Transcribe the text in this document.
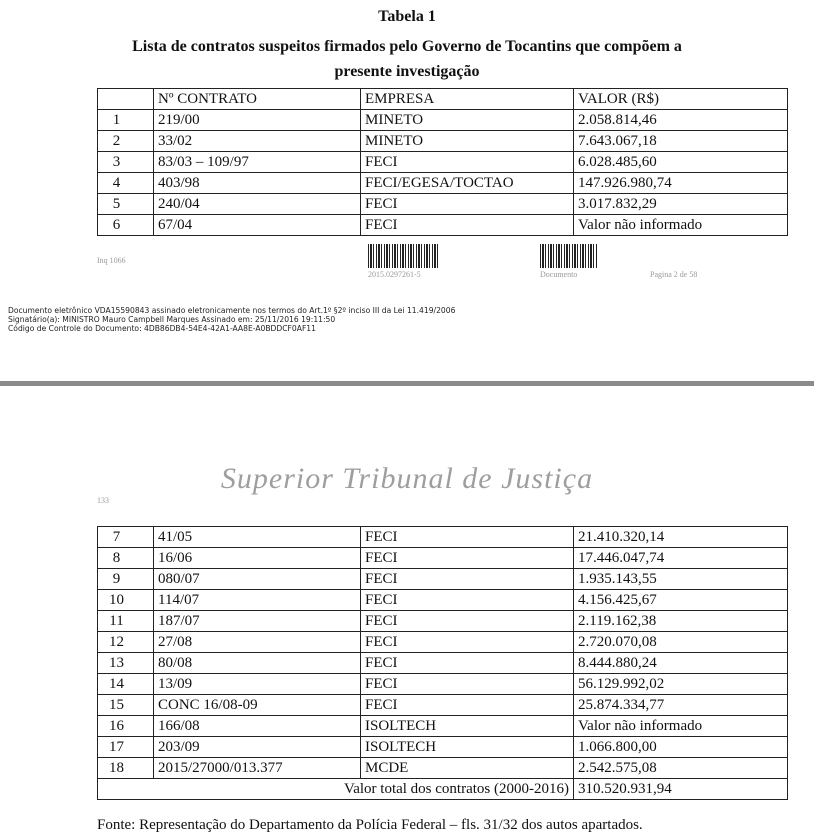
Tabela 1
Lista de contratos suspeitos firmados pelo Governo de Tocantins que compõem a
presente investigação
	Nº CONTRATO	EMPRESA	VALOR (R$)
1	219/00	MINETO	2.058.814,46
2	33/02	MINETO	7.643.067,18
3	83/03 – 109/97	FECI	6.028.485,60
4	403/98	FECI/EGESA/TOCTAO	147.926.980,74
5	240/04	FECI	3.017.832,29
6	67/04	FECI	Valor não informado
Inq 1066
2015.0297261-5	Documento	Pagina 2 de 58
Documento eletrônico VDA15590843 assinado eletronicamente nos termos do Art.1º §2º inciso III da Lei 11.419/2006
Signatário(a): MINISTRO Mauro Campbell Marques Assinado em: 25/11/2016 19:11:50
Código de Controle do Documento: 4DB86DB4-54E4-42A1-AA8E-A0BDDCF0AF11
Superior Tribunal de Justiça
133
7	41/05	FECI	21.410.320,14
8	16/06	FECI	17.446.047,74
9	080/07	FECI	1.935.143,55
10	114/07	FECI	4.156.425,67
11	187/07	FECI	2.119.162,38
12	27/08	FECI	2.720.070,08
13	80/08	FECI	8.444.880,24
14	13/09	FECI	56.129.992,02
15	CONC 16/08-09	FECI	25.874.334,77
16	166/08	ISOLTECH	Valor não informado
17	203/09	ISOLTECH	1.066.800,00
18	2015/27000/013.377	MCDE	2.542.575,08
Valor total dos contratos (2000-2016)			310.520.931,94
Fonte: Representação do Departamento da Polícia Federal – fls. 31/32 dos autos apartados.
